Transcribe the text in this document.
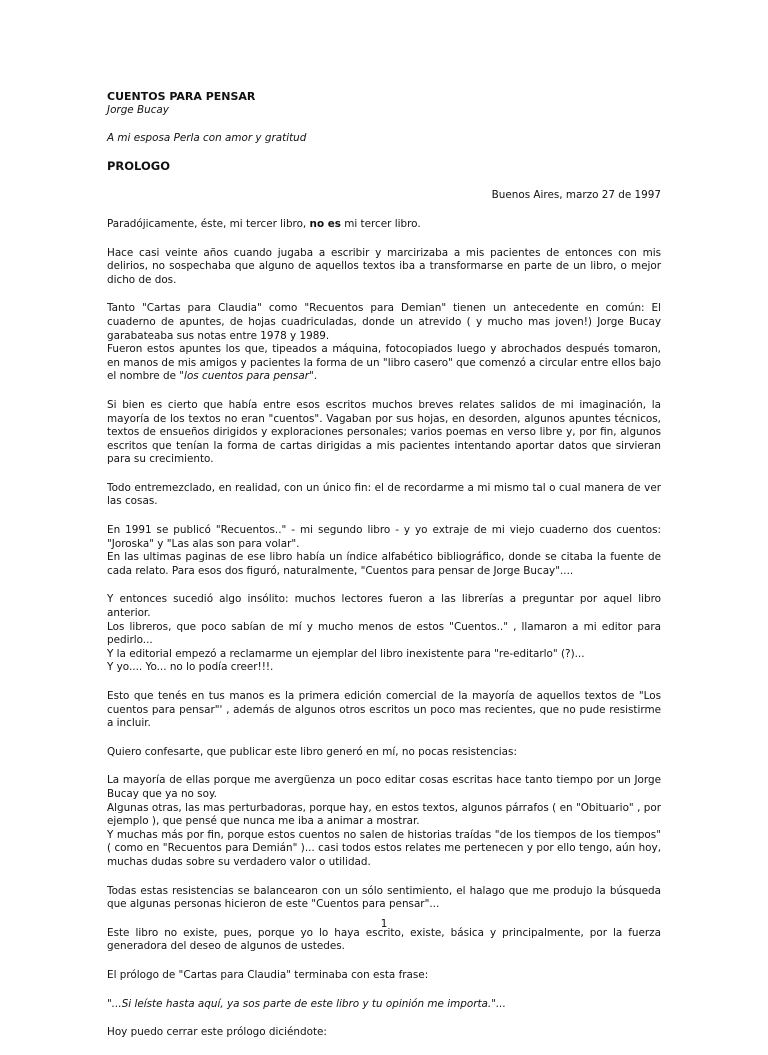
CUENTOS PARA PENSAR
Jorge Bucay
A mi esposa Perla con amor y gratitud
PROLOGO
Buenos Aires, marzo 27 de 1997

Paradójicamente, éste, mi tercer libro, no es mi tercer libro.

Hace casi veinte años cuando jugaba a escribir y marcirizaba a mis pacientes de entonces con mis delirios, no sospechaba que alguno de aquellos textos iba a transformarse en parte de un libro, o mejor dicho de dos.

Tanto "Cartas para Claudia" como "Recuentos para Demian" tienen un antecedente en común: El cuaderno de apuntes, de hojas cuadriculadas, donde un atrevido ( y mucho mas joven!) Jorge Bucay garabateaba sus notas entre 1978 y 1989.
Fueron estos apuntes los que, tipeados a máquina, fotocopiados luego y abrochados después tomaron, en manos de mis amigos y pacientes la forma de un "libro casero" que comenzó a circular entre ellos bajo el nombre de "los cuentos para pensar".

Si bien es cierto que había entre esos escritos muchos breves relates salidos de mi imaginación, la mayoría de los textos no eran "cuentos". Vagaban por sus hojas, en desorden, algunos apuntes técnicos, textos de ensueños dirigidos y exploraciones personales; varios poemas en verso libre y, por fin, algunos escritos que tenían la forma de cartas dirigidas a mis pacientes intentando aportar datos que sirvieran para su crecimiento.

Todo entremezclado, en realidad, con un único fin: el de recordarme a mi mismo tal o cual manera de ver las cosas.

En 1991 se publicó "Recuentos.." - mi segundo libro - y yo extraje de mi viejo cuaderno dos cuentos: "Joroska" y "Las alas son para volar".
En las ultimas paginas de ese libro había un índice alfabético bibliográfico, donde se citaba la fuente de cada relato. Para esos dos figuró, naturalmente, "Cuentos para pensar de Jorge Bucay"....

Y entonces sucedió algo insólito: muchos lectores fueron a las librerías a preguntar por aquel libro anterior.
Los libreros, que poco sabían de mí y mucho menos de estos "Cuentos.." , llamaron a mi editor para pedirlo...
Y la editorial empezó a reclamarme un ejemplar del libro inexistente para "re-editarlo" (?)...
Y yo.... Yo... no lo podía creer!!!.

Esto que tenés en tus manos es la primera edición comercial de la mayoría de aquellos textos de "Los cuentos para pensar"' , además de algunos otros escritos un poco mas recientes, que no pude resistirme a incluir.

Quiero confesarte, que publicar este libro generó en mí, no pocas resistencias:

La mayoría de ellas porque me avergüenza un poco editar cosas escritas hace tanto tiempo por un Jorge Bucay que ya no soy.
Algunas otras, las mas perturbadoras, porque hay, en estos textos, algunos párrafos ( en "Obituario" , por ejemplo ), que pensé que nunca me iba a animar a mostrar.
Y muchas más por fin, porque estos cuentos no salen de historias traídas "de los tiempos de los tiempos" ( como en "Recuentos para Demián" )... casi todos estos relates me pertenecen y por ello tengo, aún hoy, muchas dudas sobre su verdadero valor o utilidad.

Todas estas resistencias se balancearon con un sólo sentimiento, el halago que me produjo la búsqueda que algunas personas hicieron de este "Cuentos para pensar"...

Este libro no existe, pues, porque yo lo haya escrito, existe, básica y principalmente, por la fuerza generadora del deseo de algunos de ustedes.

El prólogo de "Cartas para Claudia" terminaba con esta frase:

"...Si leíste hasta aquí, ya sos parte de este libro y tu opinión me importa."...

Hoy puedo cerrar este prólogo diciéndote:

1
